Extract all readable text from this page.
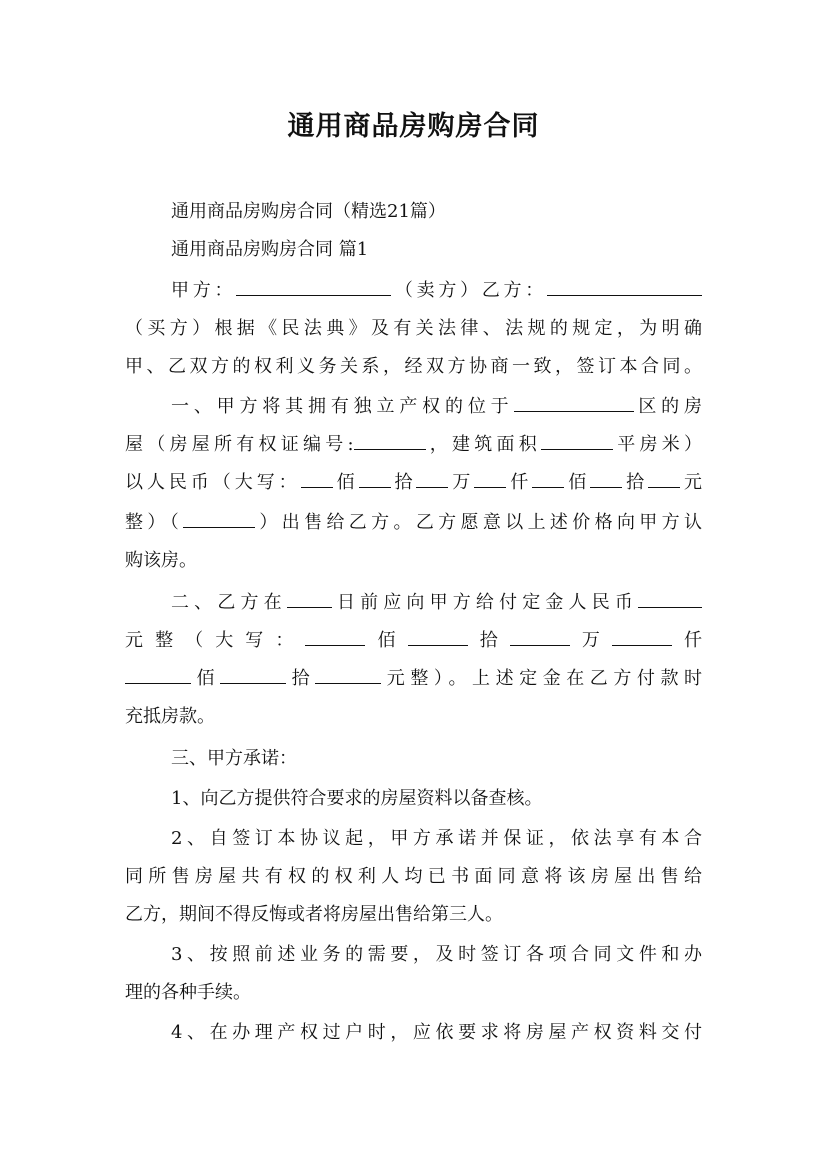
通用商品房购房合同
通用商品房购房合同（精选21篇）
通用商品房购房合同 篇1
甲方：	（卖方）乙方：
（买方）根据《民法典》及有关法律、法规的规定，为明确
甲、乙双方的权利义务关系，经双方协商一致，签订本合同。
一、甲方将其拥有独立产权的位于	区的房
屋（房屋所有权证编号:	，建筑面积	平房米）
以人民币（大写： 佰 拾 万 仟 佰 拾 元
整）（	）出售给乙方。乙方愿意以上述价格向甲方认
购该房。
二、乙方在	日前应向甲方给付定金人民币
元整（大写：	佰	拾	万	仟
佰	拾	元整）。上述定金在乙方付款时
充抵房款。
三、甲方承诺：
1、向乙方提供符合要求的房屋资料以备查核。
2、自签订本协议起，甲方承诺并保证，依法享有本合
同所售房屋共有权的权利人均已书面同意将该房屋出售给
乙方，期间不得反悔或者将房屋出售给第三人。
3、按照前述业务的需要，及时签订各项合同文件和办
理的各种手续。
4、在办理产权过户时，应依要求将房屋产权资料交付
